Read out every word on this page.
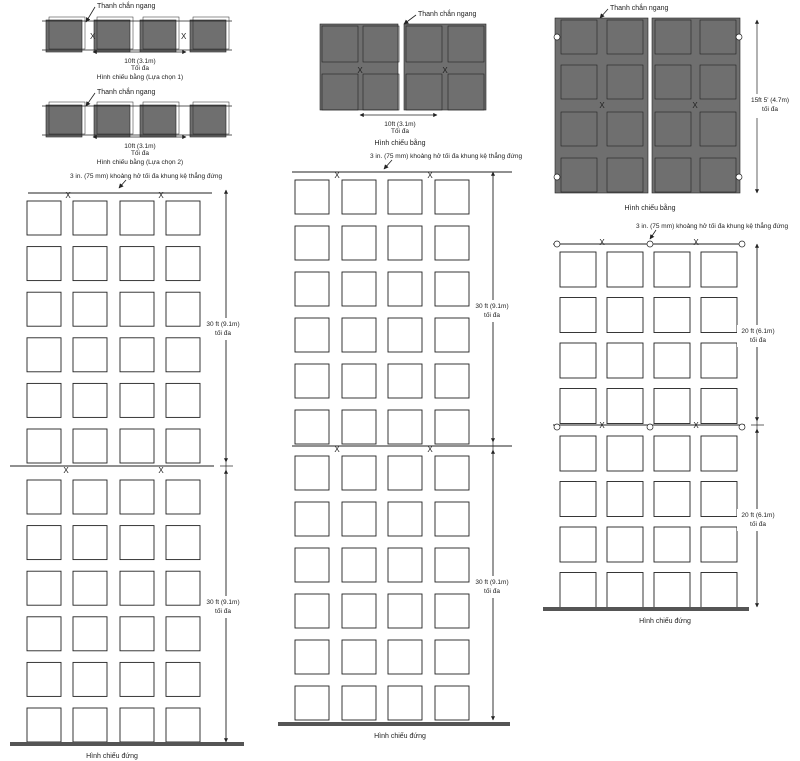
Thanh chắn ngang
X	X
10ft (3.1m)
Tối đa
Hình chiếu bằng (Lựa chọn 1)
Thanh chắn ngang
10ft (3.1m)
Tối đa
Hình chiếu bằng (Lựa chọn 2)
3 in. (75 mm) khoảng hở tối đa khung kệ thẳng đứng
X	X
X	X
30 ft (9.1m)
tối đa
30 ft (9.1m)
tối đa
Hình chiếu đứng
Thanh chắn ngang
X	X
10ft (3.1m)
Tối đa
Hình chiếu bằng
3 in. (75 mm) khoảng hở tối đa khung kệ thẳng đứng
X	X
X	X
30 ft (9.1m)
tối đa
30 ft (9.1m)
tối đa
Hình chiếu đứng
Thanh chắn ngang
X	X
15ft 5' (4.7m)
tối đa
Hình chiếu bằng
3 in. (75 mm) khoảng hở tối đa khung kệ thẳng đứng
X	X
X	X
20 ft (6.1m)
tối đa
20 ft (6.1m)
tối đa
Hình chiếu đứng
